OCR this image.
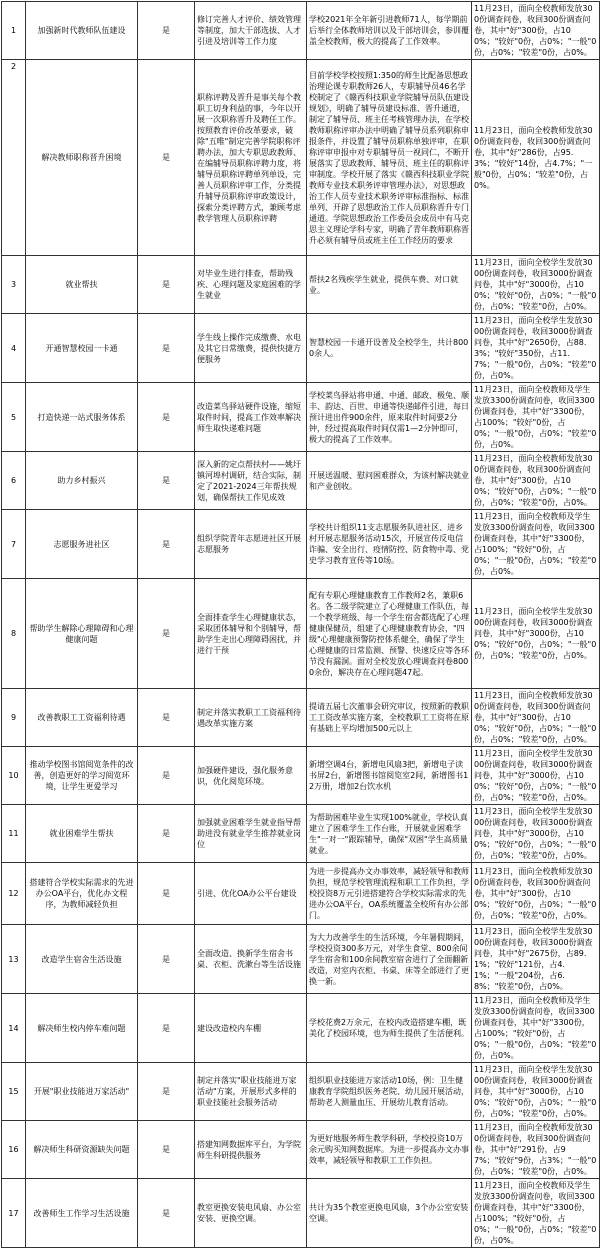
1	加强新时代教师队伍建设	是	修订完善人才评价、绩效管理等制度，加大干部选拔、人才引进及培训等工作力度	学校2021年全年新引进教师71人，每学期前后举行全体教师培训以及干部培训会，参训覆盖全校教师，极大的提高了工作效率。	11月23日，面向全校教师发放300份调查问卷，收回300份调查问卷，其中"好"300份，占100%；"较好"0份，占0%；"一般"0份，占0%；"较差"0份，占0%。
2	解决教师职称晋升困境	是	职称评聘及晋升是事关每个教职工切身利益的事，今年以开展一次职称晋升及聘任工作。按照教育评价改革要求，破除"五唯"制定完善学院职称评聘办法，加大专职思政教师、在编辅导员职称评聘力度，将辅导员职称评聘单列单设，完善人员职称评审工作，分类提升辅导员职称评审政策设计，探索分类评聘方式，兼顾考虑教学管理人员职称评聘	目前学校学校按照1:350的师生比配备思想政治理论课专职教师26人，专职辅导员46名学校制定了《赣西科技职业学院辅导员队伍建设规划》，明确了辅导员建设标准、晋升通道，制定了辅导员、班主任考核管理办法，在学校教师职称评审办法中明确了辅导员系列职称申报条件，并设置了辅导员职称单独评审，在职称评审申报中对专职辅导员一视同仁，不断开展落实了思政教师、辅导员、班主任的职称评审制度。学校开展了落实《赣西科技职业学院教师专业技术职务评审管理办法》，对思想政治工作人员专业技术职务评审标准指标、标准单列、开辟了思想政治工作人员职称晋升专门通道。学院思想政治工作委员会成员中有马克思主义理论学科专家，明确了青年教师职称晋升必须有辅导员或班主任工作经历的要求	11月23日，面向全校教师发放300份调查问卷，收回300份调查问卷，其中"好"286份，占95.3%；"较好"14份，占4.7%；"一般"0份，占0%；"较差"0份，占0%。
3	就业帮扶	是	对毕业生进行排查，帮助残疾、心理问题及家庭困难的学生就业	帮扶2名残疾学生就业，提供车费、对口就业。	11月23日，面向全校学生发放3000份调查问卷，收回3000份调查问卷，其中"好"3000份，占100%；"较好"0份，占0%；"一般"0份，占0%；"较差"0份，占0%。
4	开通智慧校园一卡通	是	学生线上操作完成缴费、水电及其它日常缴费，提供快捷方便服务	智慧校园一卡通开设普及全校学生，共计8000余人。	11月23日，面向全校学生发放3000份调查问卷，收回3000份调查问卷，其中"好"2650份，占88.3%；"较好"350份，占11.7%；"一般"0份，占0%；"较差"0份，占0%。
5	打造快递一站式服务体系	是	改造菜鸟驿站硬件设施，缩短取件时间，提高工作效率解决师生取快递难问题	学校菜鸟驿站将申通、中通、邮政、极兔、顺丰、韵达、百世、申通等快递邮件引进，每日预计进出件900余件，原来取件时间要2分钟，经过提高取件时间仅需1—2分钟即可，极大的提高了工作效率。	11月23日，面向全校教师及学生发放3300份调查问卷，收回3300份调查问卷，其中"好"3300份，占100%；"较好"0份，占0%；"一般"0份，占0%；"较差"0份，占0%。
6	助力乡村振兴	是	深入新的定点帮扶村——姚圩镇河埠村调研，结合实际，制定了2021-2024三年帮扶规划，确保帮扶工作见成效	开展送温暖、慰问困难群众，为该村解决就业和产业创收。	11月23日，面向全校教师发放300份调查问卷，收回300份调查问卷，其中"好"300份，占100%；"较好"0份，占0%；"一般"0份，占0%；"较差"0份，占0%。
7	志愿服务进社区	是	组织学院青年志愿进社区开展志愿服务	学校共计组织11支志愿服务队进社区、进乡村开展志愿服务活动15次，开展宣传反电信诈骗、安全出行、疫情防控、防食物中毒、党史学习教育宣传等10场。	11月23日，面向全校教师及学生发放3300份调查问卷，收回3300份调查问卷，其中"好"3300份，占100%；"较好"0份，占0%；"一般"0份，占0%；"较差"0份，占0%。
8	帮助学生解除心理障碍和心理健康问题	是	全面排查学生心理健康状态，采取团体辅导和个别辅导，帮助学生走出心理障碍困扰，并进行干预	配有专职心理健康教育工作教师2名，兼职6名。各二级学院建立了心理健康工作队伍，每一个教学班级、每一个学生宿舍都选配了心理健康保健员，组建了心理健康教育协会，"四级"心理健康预警防控体系健全，确保了学生心理健康的日常监测、预警、快速反应等各环节没有漏洞。面对全校发放心理调查问卷8000余份，解决存在心理问题47起。	11月23日，面向全校学生发放3000份调查问卷，收回3000份调查问卷，其中"好"3000份，占100%；"较好"0份，占0%；"一般"0份，占0%；"较差"0份，占0%。
9	改善教职工工资福利待遇	是	制定并落实教职工工资福利待遇改革实施方案	提请五届七次董事会研究审议，按照新的教职工工资改革实施方案，全校教职工工资将在原有基础上平均增加500元以上	11月23日，面向全校教师发放300份调查问卷，收回300份调查问卷，其中"好"300份，占100%；"较好"0份，占0%；"一般"0份，占0%；"较差"0份，占0%。
10	推动学校图书馆阅览条件的改善，创造更好的学习阅览环境，让学生更爱学习	是	加强硬件建设，强化服务意识，优化阅览环境。	新增空调4台，新增电风扇3把，新增电子读书屏2台，新增图书馆阅览室2间，新增图书12万册，增加2台饮水机	11月23日，面向全校学生发放3000份调查问卷，收回3000份调查问卷，其中"好"3000份，占100%；"较好"0份，占0%；"一般"0份，占0%；"较差"0份，占0%。
11	就业困难学生帮扶	是	加强就业困难学生就业指导帮助进没有就业学生推荐就业岗位	为帮助困难毕业生实现100%就业，学校认真建立了困难学生工作台账，开展就业困难学生"一对一"跟踪辅导，确保"双困"学生高质量就业。	11月23日，面向全校学生发放3000份调查问卷，收回3000份调查问卷，其中"好"3000份，占100%；"较好"0份，占0%；"一般"0份，占0%；"较差"0份，占0%。
12	搭建符合学校实际需求的先进办公OA平台，优化办文程序，为教师减轻负担	是	引进、优化OA办公平台建设	为进一步提高办文办事效率，减轻领导和教师负担，规范学校管理流程和职工工作负担，学校投资8万元引进搭建符合学校实际需求的先进办公OA平台，OA系统覆盖全校所有办公部门。	11月23日，面向全校教师发放300份调查问卷，收回300份调查问卷，其中"好"300份，占100%；"较好"0份，占0%；"一般"0份，占0%；"较差"0份，占0%。
13	改造学生宿舍生活设施	是	全面改造、换新学生宿舍书桌、衣柜、洗漱台等生活设施	为大力改善学生的生活环境，今年暑假期间，学校投资300多万元，对学生食堂、800余间学生宿舍和100余间教室宿舍进行了全面翻新改造，对室内衣柜、书桌、床等全部进行了更换一新。	11月23日，面向全校学生发放3000份调查问卷，收回3000份调查问卷，其中"好"2675份，占89.1%；"较好"121份，占4.1%；"一般"204份，占6.8%；"较差"0份，占0%。
14	解决师生校内停车难问题	是	建设改造校内车棚	学校花费2万余元，在校内改造搭建车棚，既美化了校园环境，也为师生提供了生活便利。	11月23日，面向全校教师及学生发放3300份调查问卷，收回3300份调查问卷，其中"好"3300份，占100%；"较好"0份，占0%；"一般"0份，占0%；"较差"0份，占0%。
15	开展"职业技能进万家活动"	是	制定并落实"职业技能进万家活动"方案，开展形式多样的职业技能社会服务活动	组织职业技能进万家活动10场，例：卫生健康教育学院组织医务老院、幼儿园开展活动，帮助老人测量血压、开展幼儿教育活动。	11月23日，面向全校学生发放3000份调查问卷，收回3000份调查问卷，其中"好"3000份，占100%；"较好"0份，占0%；"一般"0份，占0%；"较差"0份，占0%。
16	解决师生科研资源缺失问题	是	搭建知网数据库平台，为学院师生科研提供服务	为更好地服务师生教学科研，学校投资10万余元购买知网数据库。为进一步提高办文办事效率，减轻领导和教职工工作负担。	11月23日，面向全校教师发放300份调查问卷，收回300份调查问卷，其中"好"291份，占97%；"较好"9份，占3%；"一般"0份，占0%；"较差"0份，占0%。
17	改善师生工作学习生活设施	是	教室更换安装电风扇、办公室安装、更换空调。	共计为35个教室更换电风扇，3个办公室安装空调。	11月23日，面向全校教师及学生发放3300份调查问卷，收回3300份调查问卷，其中"好"3300份，占100%；"较好"0份，占0%；"一般"0份，占0%；"较差"0份，占0%。
